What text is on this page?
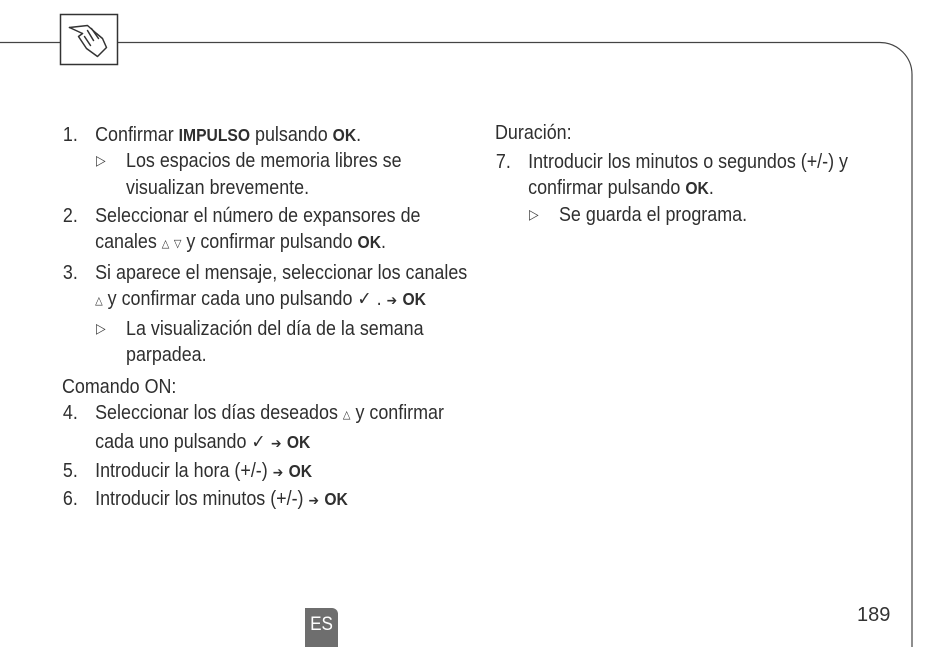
1. Confirmar IMPULSO pulsando OK.
▷ Los espacios de memoria libres se
visualizan brevemente.
2. Seleccionar el número de expansores de
canales △ ▽ y confirmar pulsando OK.
3. Si aparece el mensaje, seleccionar los canales
△ y confirmar cada uno pulsando ✓ . ➔ OK
▷ La visualización del día de la semana
parpadea.
Comando ON:
4. Seleccionar los días deseados △ y confirmar
cada uno pulsando ✓ ➔ OK
5. Introducir la hora (+/-) ➔ OK
6. Introducir los minutos (+/-) ➔ OK
Duración:
7. Introducir los minutos o segundos (+/-) y
confirmar pulsando OK.
▷ Se guarda el programa.
ES	189
